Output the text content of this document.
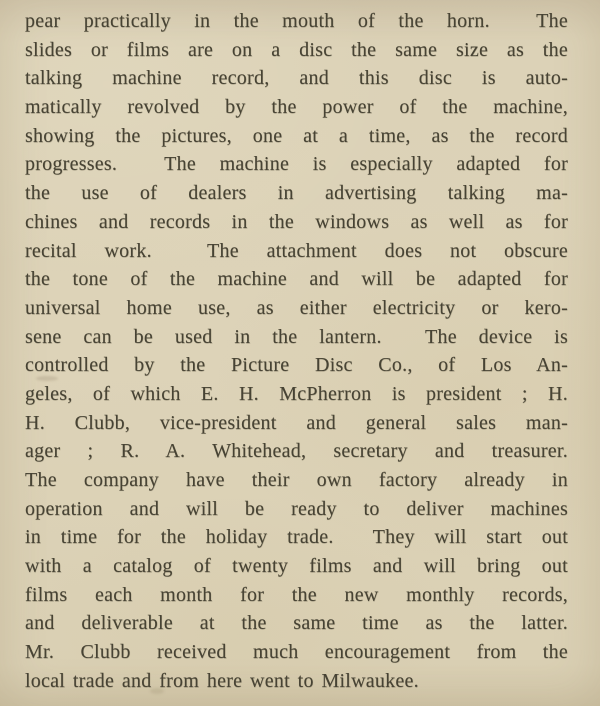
pear practically in the mouth of the horn.  The
slides or films are on a disc the same size as the
talking machine record, and this disc is auto-
matically revolved by the power of the machine,
showing the pictures, one at a time, as the record
progresses.  The machine is especially adapted for
the use of dealers in advertising talking ma-
chines and records in the windows as well as for
recital work.  The attachment does not obscure
the tone of the machine and will be adapted for
universal home use, as either electricity or kero-
sene can be used in the lantern.  The device is
controlled by the Picture Disc Co., of Los An-
geles, of which E. H. McPherron is president ; H.
H. Clubb, vice-president and general sales man-
ager ; R. A. Whitehead, secretary and treasurer.
The company have their own factory already in
operation and will be ready to deliver machines
in time for the holiday trade.  They will start out
with a catalog of twenty films and will bring out
films each month for the new monthly records,
and deliverable at the same time as the latter.
Mr. Clubb received much encouragement from the
local trade and from here went to Milwaukee.
